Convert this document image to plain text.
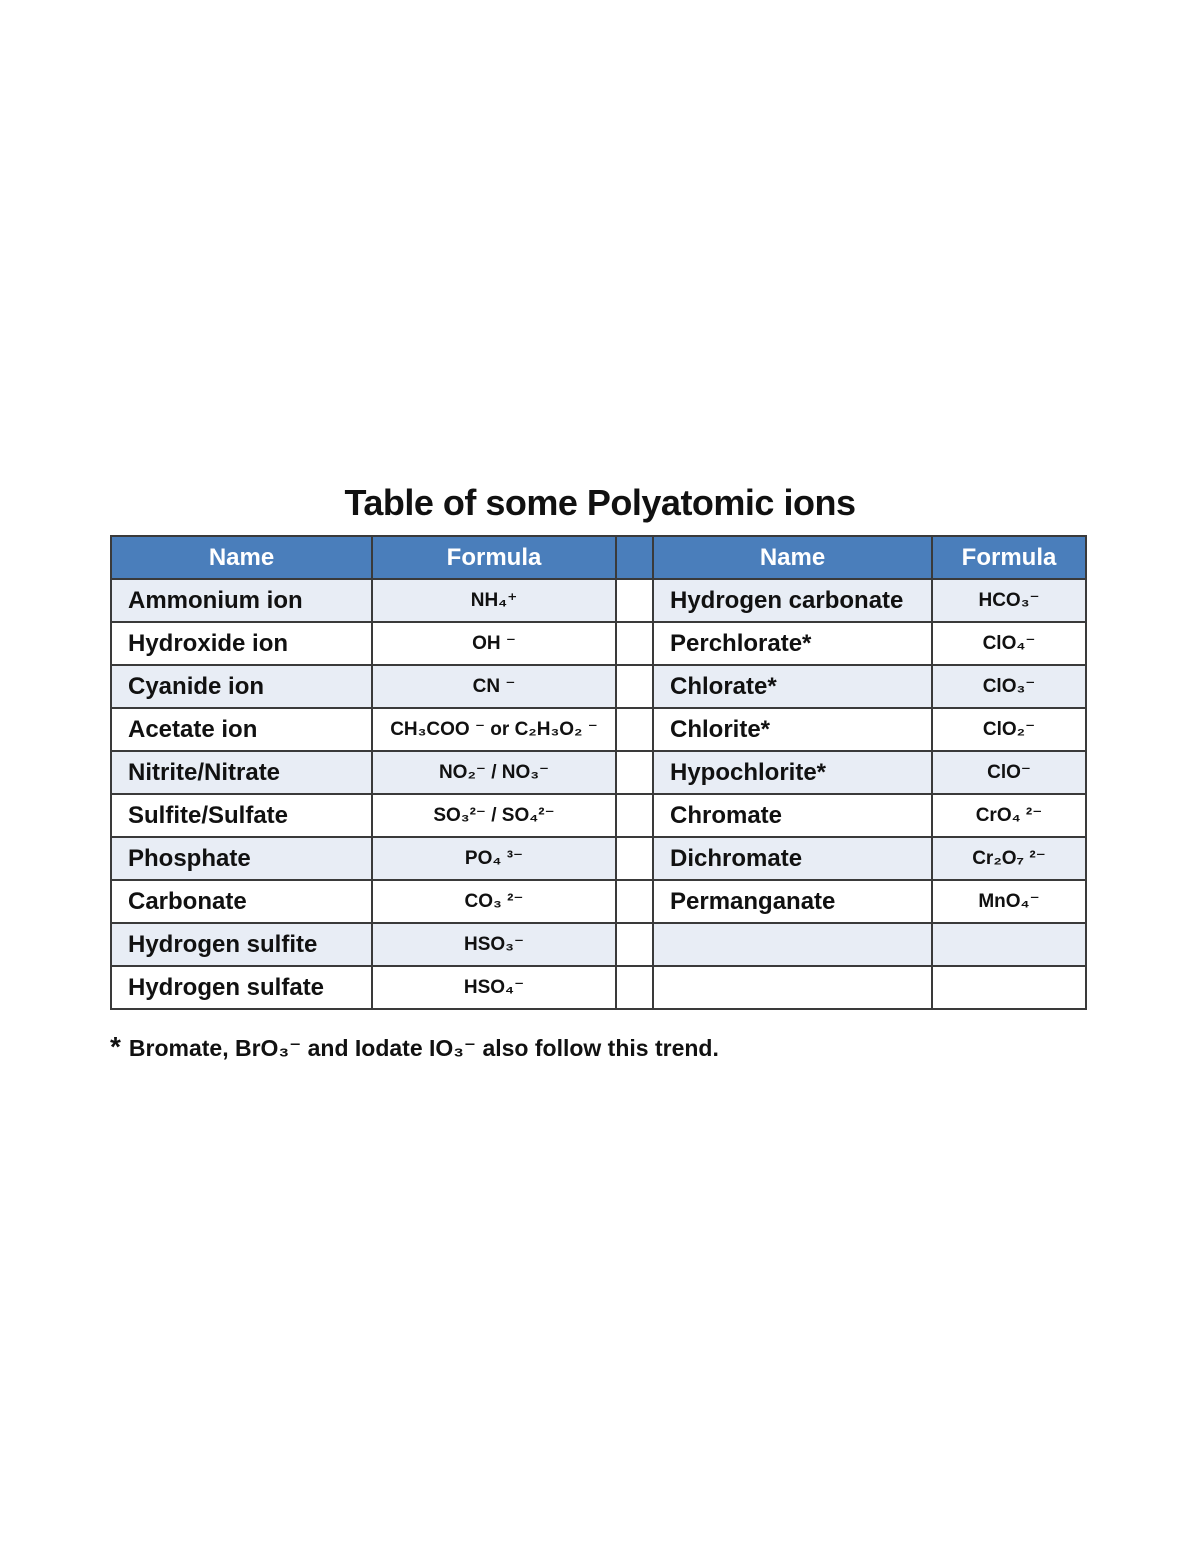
Table of some Polyatomic ions
Name	Formula		Name	Formula
Ammonium ion	NH₄⁺		Hydrogen carbonate	HCO₃⁻
Hydroxide ion	OH ⁻		Perchlorate*	ClO₄⁻
Cyanide ion	CN ⁻		Chlorate*	ClO₃⁻
Acetate ion	CH₃COO ⁻ or C₂H₃O₂ ⁻		Chlorite*	ClO₂⁻
Nitrite/Nitrate	NO₂⁻ / NO₃⁻		Hypochlorite*	ClO⁻
Sulfite/Sulfate	SO₃²⁻ / SO₄²⁻		Chromate	CrO₄ ²⁻
Phosphate	PO₄ ³⁻		Dichromate	Cr₂O₇ ²⁻
Carbonate	CO₃ ²⁻		Permanganate	MnO₄⁻
Hydrogen sulfite	HSO₃⁻			
Hydrogen sulfate	HSO₄⁻			
* Bromate, BrO₃⁻ and Iodate IO₃⁻ also follow this trend.
